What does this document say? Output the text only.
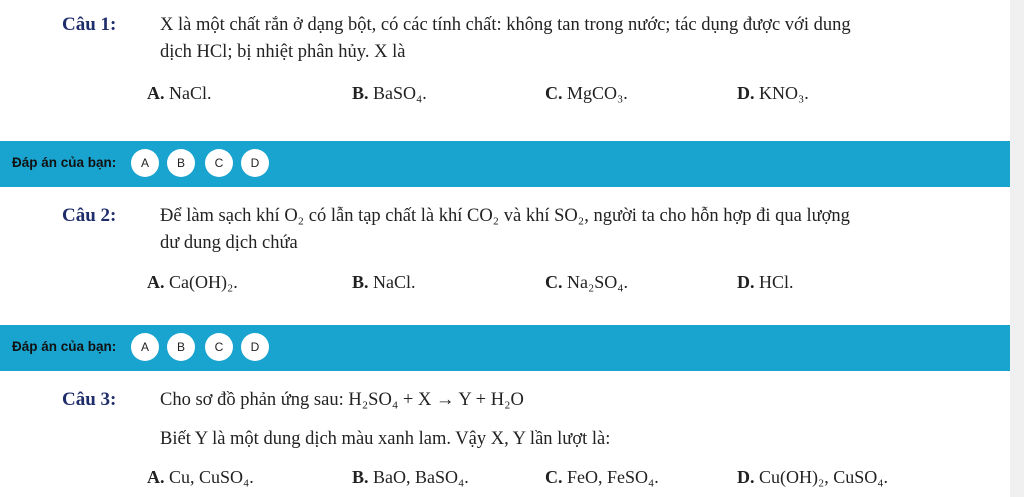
Câu 1: X là một chất rắn ở dạng bột, có các tính chất: không tan trong nước; tác dụng được với dung
dịch HCl; bị nhiệt phân hủy. X là
A. NaCl.	B. BaSO₄.	C. MgCO₃.	D. KNO₃.
Đáp án của bạn:	A	B	C	D
Câu 2: Để làm sạch khí O₂ có lẫn tạp chất là khí CO₂ và khí SO₂, người ta cho hỗn hợp đi qua lượng
dư dung dịch chứa
A. Ca(OH)₂.	B. NaCl.	C. Na₂SO₄.	D. HCl.
Đáp án của bạn:	A	B	C	D
Câu 3: Cho sơ đồ phản ứng sau: H₂SO₄ + X → Y + H₂O
Biết Y là một dung dịch màu xanh lam. Vậy X, Y lần lượt là:
A. Cu, CuSO₄.	B. BaO, BaSO₄.	C. FeO, FeSO₄.	D. Cu(OH)₂, CuSO₄.
